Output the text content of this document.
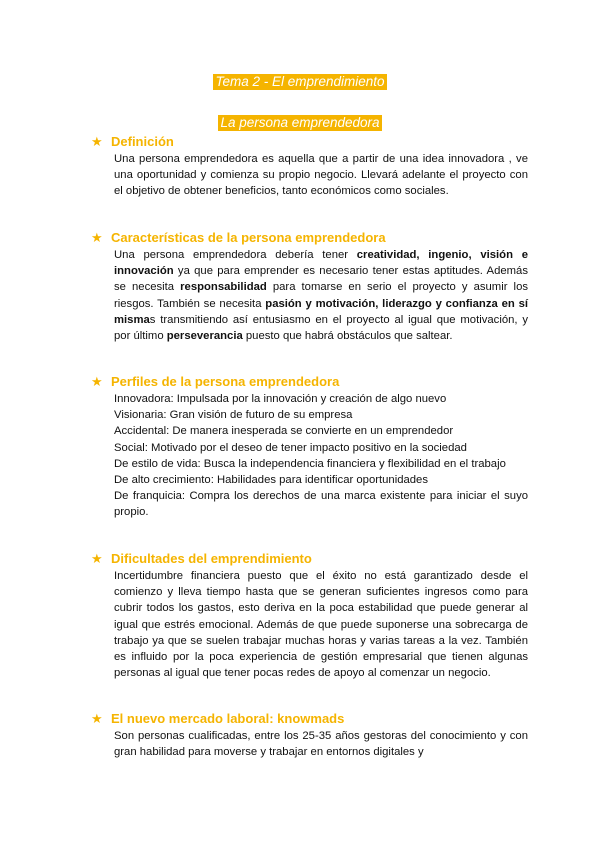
Tema 2 - El emprendimiento
La persona emprendedora
★ Definición
Una persona emprendedora es aquella que a partir de una idea innovadora , ve una oportunidad y comienza su propio negocio. Llevará adelante el proyecto con el objetivo de obtener beneficios, tanto económicos como sociales.
★ Características de la persona emprendedora
Una persona emprendedora debería tener creatividad, ingenio, visión e innovación ya que para emprender es necesario tener estas aptitudes. Además se necesita responsabilidad para tomarse en serio el proyecto y asumir los riesgos. También se necesita pasión y motivación, liderazgo y confianza en sí mismas transmitiendo así entusiasmo en el proyecto al igual que motivación, y por último perseverancia puesto que habrá obstáculos que saltear.
★ Perfiles de la persona emprendedora
Innovadora: Impulsada por la innovación y creación de algo nuevo
Visionaria: Gran visión de futuro de su empresa
Accidental: De manera inesperada se convierte en un emprendedor
Social: Motivado por el deseo de tener impacto positivo en la sociedad
De estilo de vida: Busca la independencia financiera y flexibilidad en el trabajo
De alto crecimiento: Habilidades para identificar oportunidades
De franquicia: Compra los derechos de una marca existente para iniciar el suyo propio.
★ Dificultades del emprendimiento
Incertidumbre financiera puesto que el éxito no está garantizado desde el comienzo y lleva tiempo hasta que se generan suficientes ingresos como para cubrir todos los gastos, esto deriva en la poca estabilidad que puede generar al igual que estrés emocional. Además de que puede suponerse una sobrecarga de trabajo ya que se suelen trabajar muchas horas y varias tareas a la vez. También es influido por la poca experiencia de gestión empresarial que tienen algunas personas al igual que tener pocas redes de apoyo al comenzar un negocio.
★ El nuevo mercado laboral: knowmads
Son personas cualificadas, entre los 25-35 años gestoras del conocimiento y con gran habilidad para moverse y trabajar en entornos digitales y
